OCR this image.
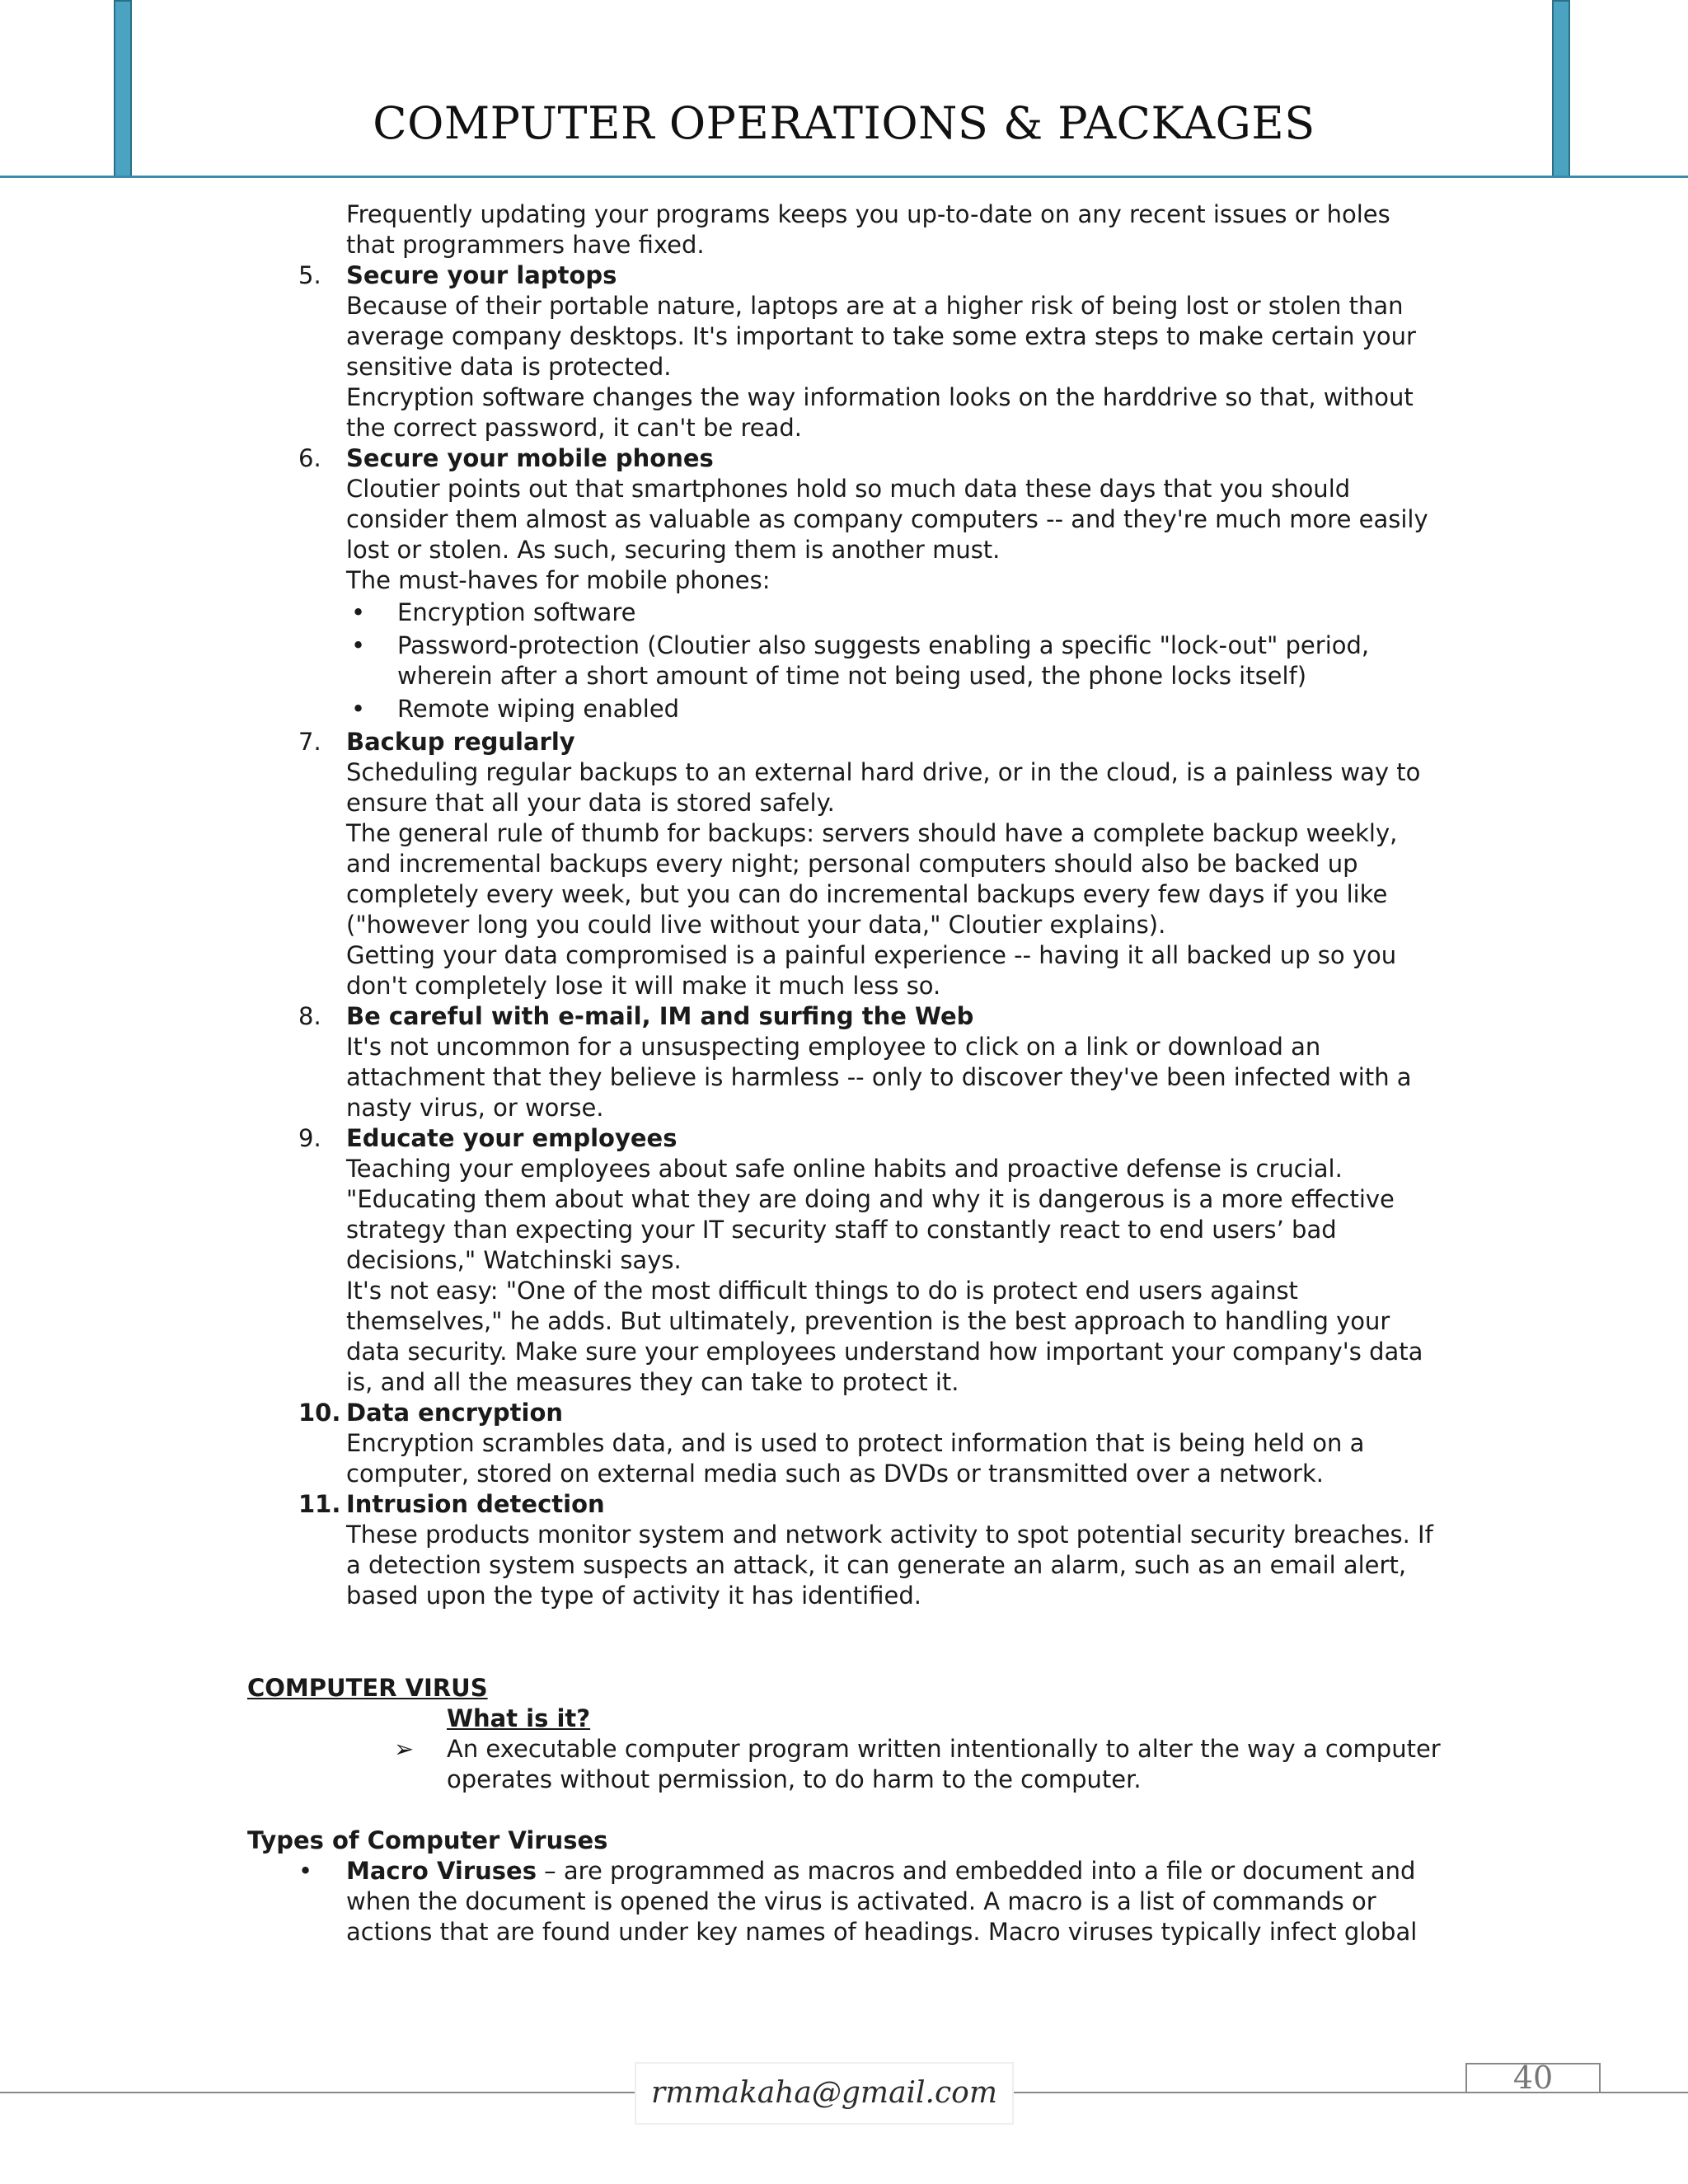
COMPUTER OPERATIONS & PACKAGES

Frequently updating your programs keeps you up-to-date on any recent issues or holes that programmers have fixed.

5. Secure your laptops
Because of their portable nature, laptops are at a higher risk of being lost or stolen than average company desktops. It's important to take some extra steps to make certain your sensitive data is protected.
Encryption software changes the way information looks on the harddrive so that, without the correct password, it can't be read.
6. Secure your mobile phones
Cloutier points out that smartphones hold so much data these days that you should consider them almost as valuable as company computers -- and they're much more easily lost or stolen. As such, securing them is another must.
The must-haves for mobile phones:
• Encryption software
• Password-protection (Cloutier also suggests enabling a specific "lock-out" period, wherein after a short amount of time not being used, the phone locks itself)
• Remote wiping enabled
7. Backup regularly
Scheduling regular backups to an external hard drive, or in the cloud, is a painless way to ensure that all your data is stored safely.
The general rule of thumb for backups: servers should have a complete backup weekly, and incremental backups every night; personal computers should also be backed up completely every week, but you can do incremental backups every few days if you like ("however long you could live without your data," Cloutier explains).
Getting your data compromised is a painful experience -- having it all backed up so you don't completely lose it will make it much less so.
8. Be careful with e-mail, IM and surfing the Web
It's not uncommon for a unsuspecting employee to click on a link or download an attachment that they believe is harmless -- only to discover they've been infected with a nasty virus, or worse.
9. Educate your employees
Teaching your employees about safe online habits and proactive defense is crucial. "Educating them about what they are doing and why it is dangerous is a more effective strategy than expecting your IT security staff to constantly react to end users’ bad decisions," Watchinski says.
It's not easy: "One of the most difficult things to do is protect end users against themselves," he adds. But ultimately, prevention is the best approach to handling your data security. Make sure your employees understand how important your company's data is, and all the measures they can take to protect it.
10. Data encryption
Encryption scrambles data, and is used to protect information that is being held on a computer, stored on external media such as DVDs or transmitted over a network.
11. Intrusion detection
These products monitor system and network activity to spot potential security breaches. If a detection system suspects an attack, it can generate an alarm, such as an email alert, based upon the type of activity it has identified.
COMPUTER VIRUS
What is it?
➢ An executable computer program written intentionally to alter the way a computer operates without permission, to do harm to the computer.
Types of Computer Viruses
• Macro Viruses – are programmed as macros and embedded into a file or document and when the document is opened the virus is activated. A macro is a list of commands or actions that are found under key names of headings. Macro viruses typically infect global
rmmakaha@gmail.com	40
